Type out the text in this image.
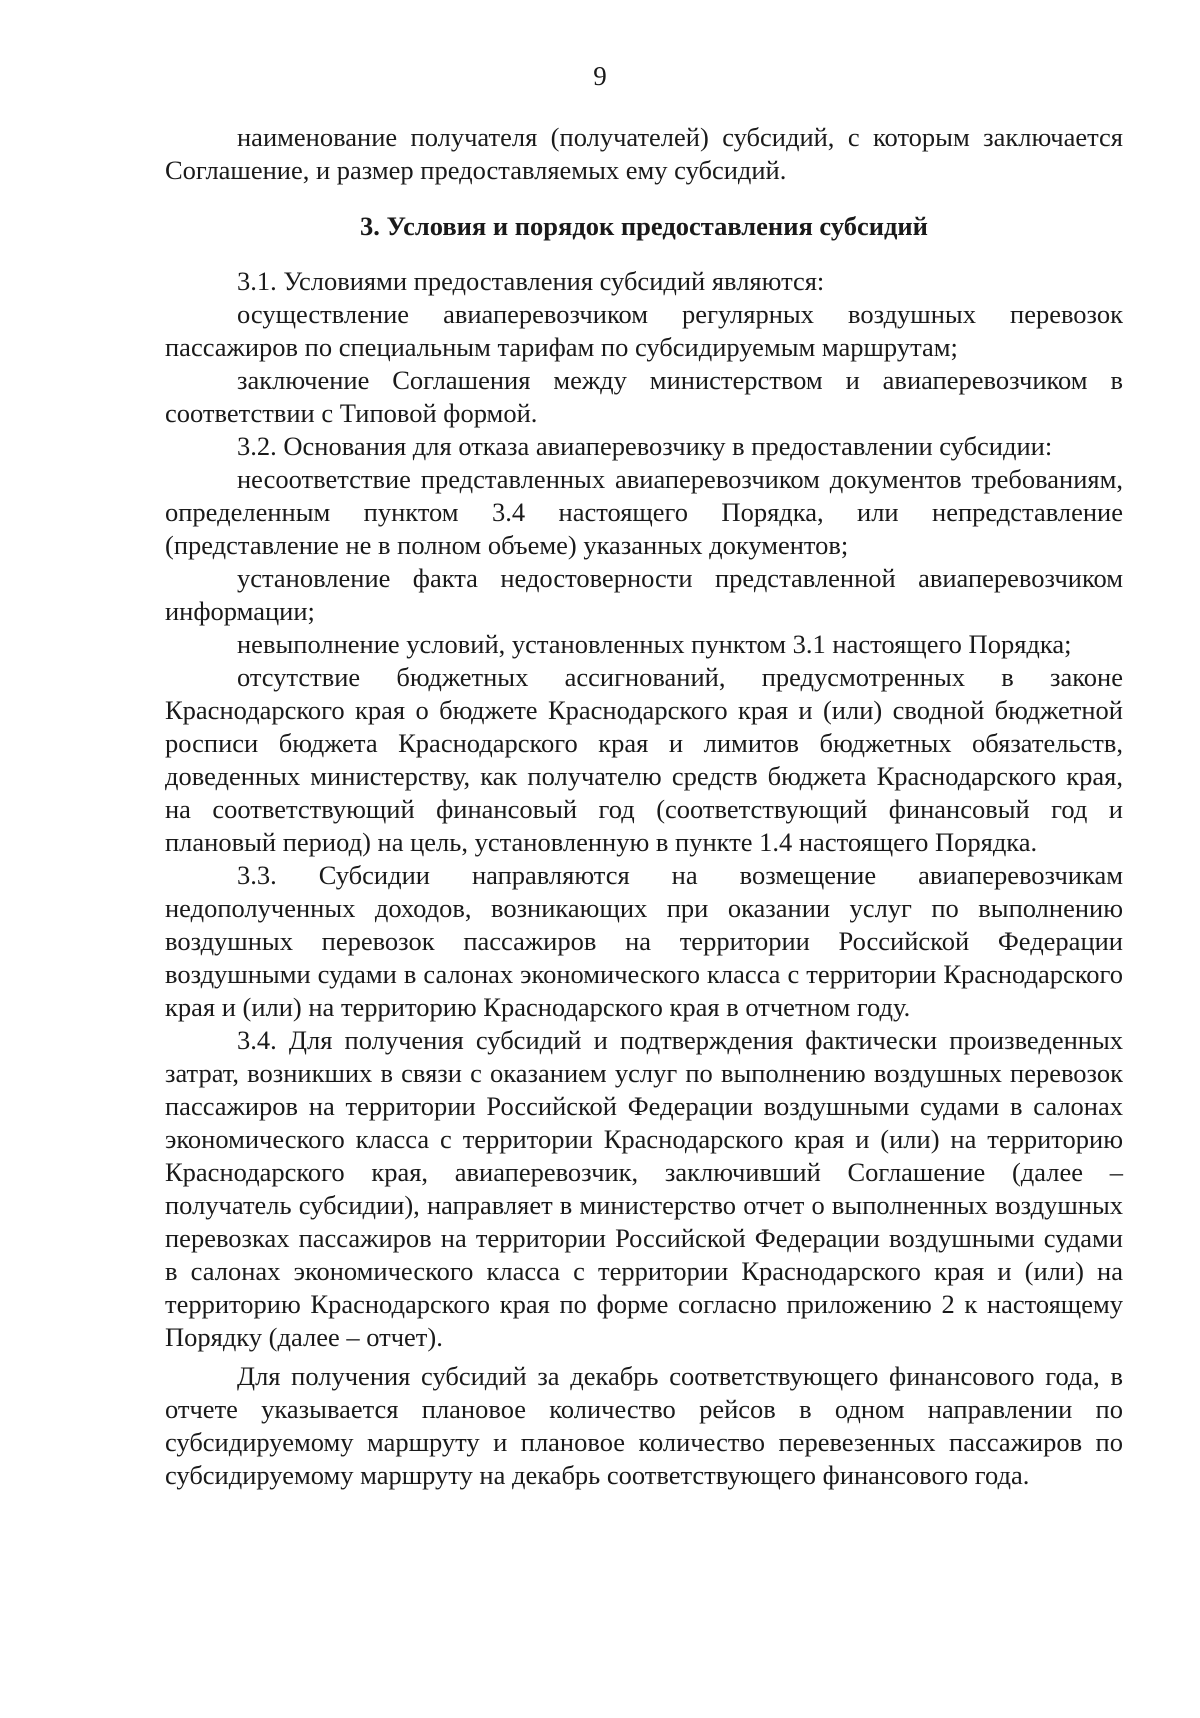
9

наименование получателя (получателей) субсидий, с которым заключается Соглашение, и размер предоставляемых ему субсидий.

3. Условия и порядок предоставления субсидий

3.1. Условиями предоставления субсидий являются:

осуществление авиаперевозчиком регулярных воздушных перевозок пассажиров по специальным тарифам по субсидируемым маршрутам;

заключение Соглашения между министерством и авиаперевозчиком в соответствии с Типовой формой.

3.2. Основания для отказа авиаперевозчику в предоставлении субсидии:

несоответствие представленных авиаперевозчиком документов требованиям, определенным пунктом 3.4 настоящего Порядка, или непредставление (представление не в полном объеме) указанных документов;

установление факта недостоверности представленной авиаперевозчиком информации;

невыполнение условий, установленных пунктом 3.1 настоящего Порядка;

отсутствие бюджетных ассигнований, предусмотренных в законе Краснодарского края о бюджете Краснодарского края и (или) сводной бюджетной росписи бюджета Краснодарского края и лимитов бюджетных обязательств, доведенных министерству, как получателю средств бюджета Краснодарского края, на соответствующий финансовый год (соответствующий финансовый год и плановый период) на цель, установленную в пункте 1.4 настоящего Порядка.

3.3. Субсидии направляются на возмещение авиаперевозчикам недополученных доходов, возникающих при оказании услуг по выполнению воздушных перевозок пассажиров на территории Российской Федерации воздушными судами в салонах экономического класса с территории Краснодарского края и (или) на территорию Краснодарского края в отчетном году.

3.4. Для получения субсидий и подтверждения фактически произведенных затрат, возникших в связи с оказанием услуг по выполнению воздушных перевозок пассажиров на территории Российской Федерации воздушными судами в салонах экономического класса с территории Краснодарского края и (или) на территорию Краснодарского края, авиаперевозчик, заключивший Соглашение (далее – получатель субсидии), направляет в министерство отчет о выполненных воздушных перевозках пассажиров на территории Российской Федерации воздушными судами в салонах экономического класса с территории Краснодарского края и (или) на территорию Краснодарского края по форме согласно приложению 2 к настоящему Порядку (далее – отчет).

Для получения субсидий за декабрь соответствующего финансового года, в отчете указывается плановое количество рейсов в одном направлении по субсидируемому маршруту и плановое количество перевезенных пассажиров по субсидируемому маршруту на декабрь соответствующего финансового года.
